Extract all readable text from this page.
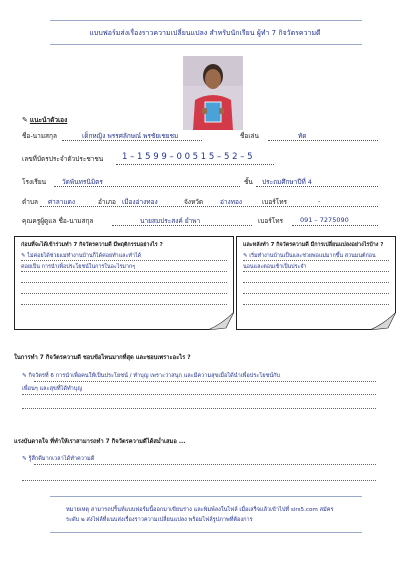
แบบฟอร์มส่งเรื่องราวความเปลี่ยนแปลง สำหรับนักเรียน ผู้ทำ 7 กิจวัตรความดี
✎ แนะนำตัวเอง
ชื่อ-นามสกุล	เด็กหญิง พรรศลักษณ์ พรชัยเชยชม	ชื่อเล่น	ทัด
เลขที่บัตรประจำตัวประชาชน 1 – 1 5 9 9 – 0 0 5 1 5 – 5 2 – 5
โรงเรียน วัดพันทรนิมิตร	ชั้น ประถมศึกษาปีที่ 4
ตำบล ศาลาแดง	อำเภอ เมืองอ่างทอง	จังหวัด	อ่างทอง	เบอร์โทร	-
คุณครูผู้ดูแล ชื่อ-นามสกุล	นายสมประสงค์ ยำพา	เบอร์โทร	091 – 7275090
ก่อนที่จะได้เข้าร่วมทำ 7 กิจวัตรความดี มีพฤติกรรมอย่างไร ?
✎ ไม่ค่อยได้ช่วยแม่ทำงานบ้านก็ได้ค่อยทำและทำได้
ค่อยเป็น การนำเพื่อประโยชน์ในการในอะไรมากๆ
และหลังทำ 7 กิจวัตรความดี มีการเปลี่ยนแปลงอย่างไรบ้าง ?
✎ เริ่มทำงานบ้านเป็นและช่วยพ่อแม่มากขึ้น สวนมนต์ก่อน
นอนและตอนเช้าเป็นประจำ
ในการทำ 7 กิจวัตรความดี ชอบข้อไหนมากที่สุด และชอบเพราะอะไร ?
✎ กิจวัตรที่ 6 การนำเพื่อคนให้เป็นประโยชน์ / ทำบุญ เพราะว่าสนุก และมีความสุขเมื่อได้นำเพื่อประโยชน์กับ
เพื่อนๆ และสุขที่ได้ทำบุญ
แรงบันดาลใจ ที่ทำให้เราสามารถทำ 7 กิจวัตรความดีได้สม่ำเสมอ ...
✎ รู้สึกดีมากเวลาได้ทำความดี
หมายเหตุ สามารถปริ้นท์แบบฟอร์มนี้ออกมาเขียนร่าง และพิมพ์ลงในไฟล์ เมื่อเสร็จแล้วเข้าไปที่ sirs5.com สมัคร
ระดับ ๒ ส่งไฟล์ที่แนบส่งเรื่องราวความเปลี่ยนแปลง พร้อมไฟล์รูปภาพที่ต้องการ
